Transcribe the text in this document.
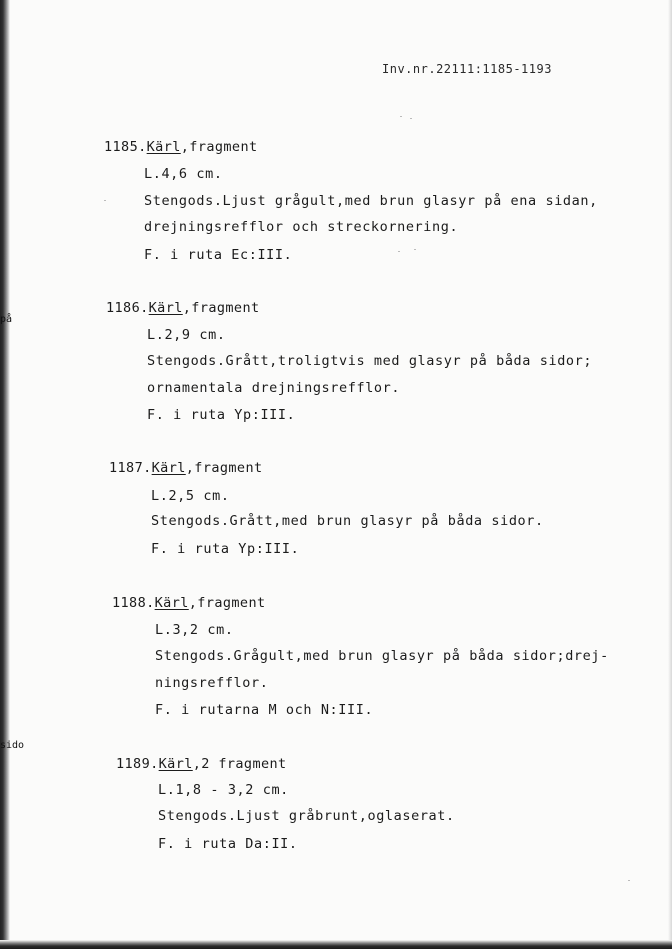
på
sido
Inv.nr.22111:1185-1193
1185.Kärl,fragment
L.4,6 cm.
Stengods.Ljust grågult,med brun glasyr på ena sidan,
drejningsrefflor och streckornering.
F. i ruta Ec:III.
1186.Kärl,fragment
L.2,9 cm.
Stengods.Grått,troligtvis med glasyr på båda sidor;
ornamentala drejningsrefflor.
F. i ruta Yp:III.
1187.Kärl,fragment
L.2,5 cm.
Stengods.Grått,med brun glasyr på båda sidor.
F. i ruta Yp:III.
1188.Kärl,fragment
L.3,2 cm.
Stengods.Grågult,med brun glasyr på båda sidor;drej-
ningsrefflor.
F. i rutarna M och N:III.
1189.Kärl,2 fragment
L.1,8 - 3,2 cm.
Stengods.Ljust gråbrunt,oglaserat.
F. i ruta Da:II.
